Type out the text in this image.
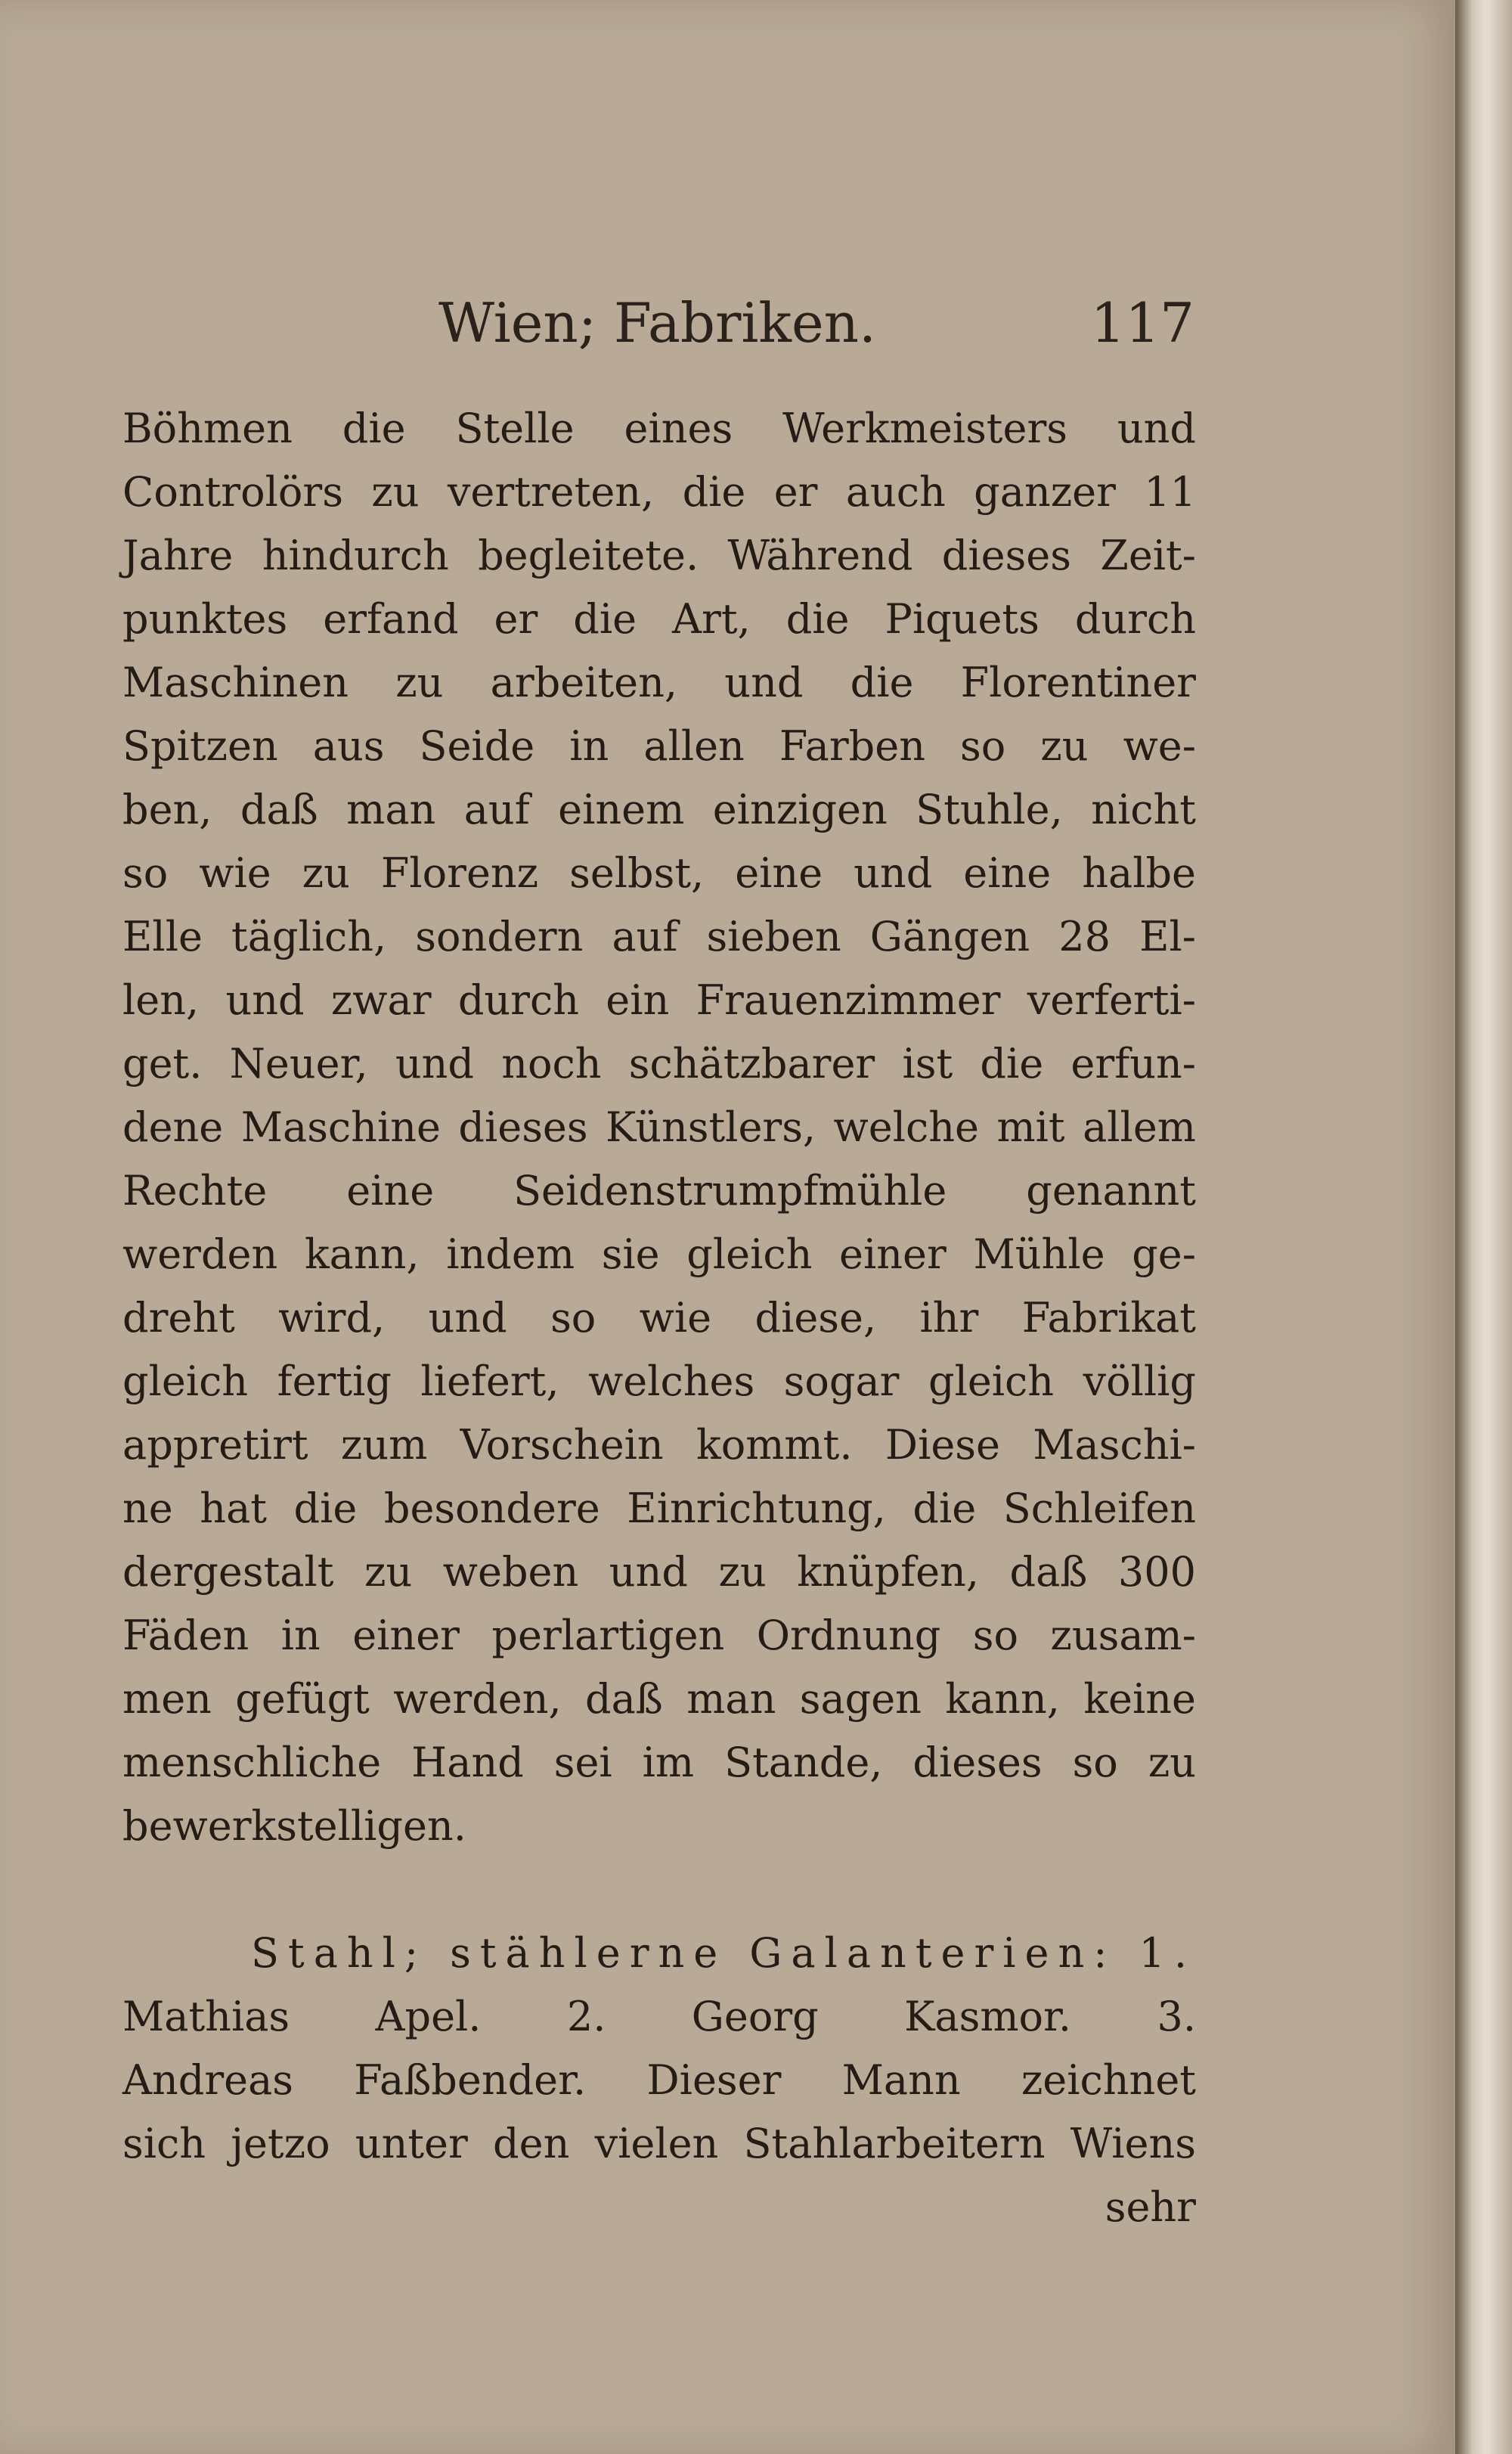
Wien; Fabriken.	117
Böhmen die Stelle eines Werkmeisters und
Controlörs zu vertreten, die er auch ganzer 11
Jahre hindurch begleitete. Während dieses Zeit-
punktes erfand er die Art, die Piquets durch
Maschinen zu arbeiten, und die Florentiner
Spitzen aus Seide in allen Farben so zu we-
ben, daß man auf einem einzigen Stuhle, nicht
so wie zu Florenz selbst, eine und eine halbe
Elle täglich, sondern auf sieben Gängen 28 El-
len, und zwar durch ein Frauenzimmer verferti-
get. Neuer, und noch schätzbarer ist die erfun-
dene Maschine dieses Künstlers, welche mit allem
Rechte eine Seidenstrumpfmühle genannt
werden kann, indem sie gleich einer Mühle ge-
dreht wird, und so wie diese, ihr Fabrikat
gleich fertig liefert, welches sogar gleich völlig
appretirt zum Vorschein kommt. Diese Maschi-
ne hat die besondere Einrichtung, die Schleifen
dergestalt zu weben und zu knüpfen, daß 300
Fäden in einer perlartigen Ordnung so zusam-
men gefügt werden, daß man sagen kann, keine
menschliche Hand sei im Stande, dieses so zu
bewerkstelligen.
Stahl; stählerne Galanterien: 1.
Mathias Apel. 2. Georg Kasmor. 3.
Andreas Faßbender. Dieser Mann zeichnet
sich jetzo unter den vielen Stahlarbeitern Wiens
sehr
